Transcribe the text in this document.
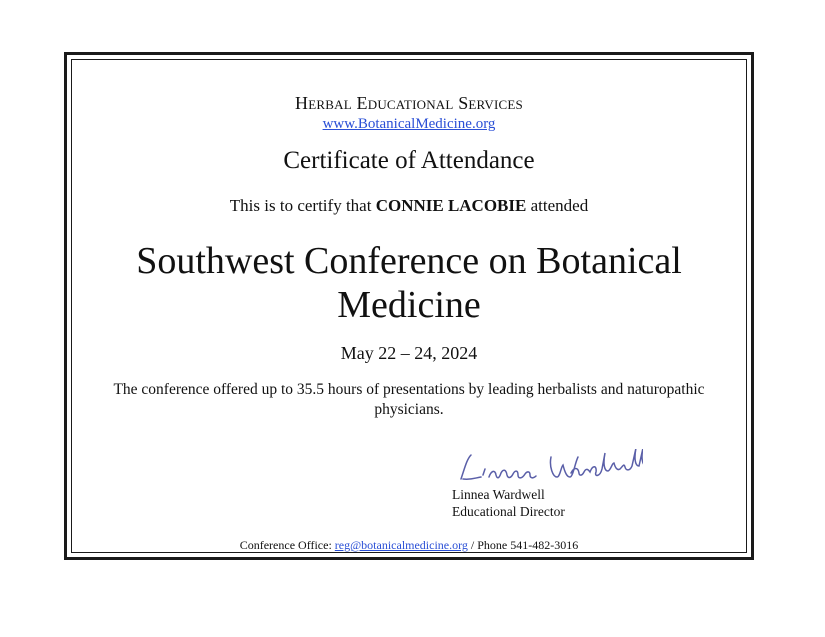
Herbal Educational Services
www.BotanicalMedicine.org
Certificate of Attendance
This is to certify that CONNIE LACOBIE attended
Southwest Conference on Botanical Medicine
May 22 – 24, 2024
The conference offered up to 35.5 hours of presentations by leading herbalists and naturopathic physicians.
Linnea Wardwell
Educational Director
Conference Office: reg@botanicalmedicine.org / Phone 541-482-3016
